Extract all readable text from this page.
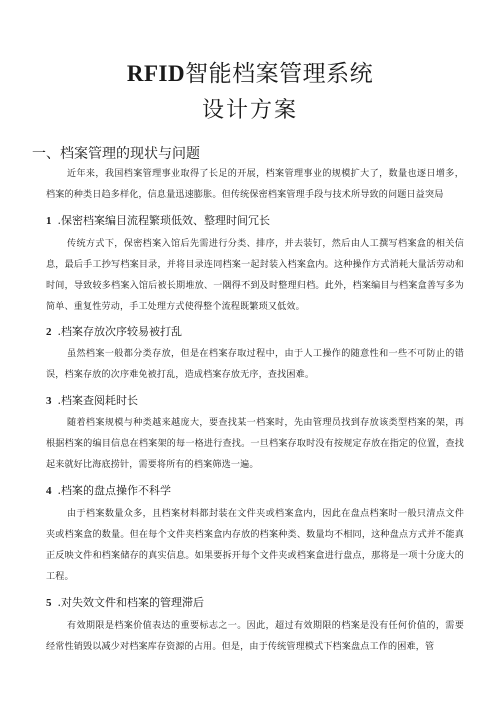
RFID智能档案管理系统
设计方案
一、档案管理的现状与问题
近年来，我国档案管理事业取得了长足的开展，档案管理事业的规模扩大了，数量也逐日增多，档案的种类日趋多样化，信息量迅速膨胀。但传统保密档案管理手段与技术所导致的问题日益突局
1 .保密档案编目流程繁琐低效、整理时间冗长
传统方式下，保密档案入馆后先需进行分类、排序，并去装钉，然后由人工撰写档案盒的相关信息，最后手工抄写档案目录，并将目录连同档案一起封装入档案盒内。这种操作方式消耗大量活劳动和时间，导致较多档案入馆后被长期堆放、一隅得不到及时整理归档。此外，档案编目与档案盒善写多为简单、重复性劳动，手工处理方式使得整个流程既繁琐又低效。
2 .档案存放次序较易被打乱
虽然档案一般都分类存放，但是在档案存取过程中，由于人工操作的随意性和一些不可防止的错误，档案存放的次序难免被打乱，造成档案存放无序，查找困难。
3 .档案查阅耗时长
随着档案规模与种类越来越庞大，要查找某一档案时，先由管理员找到存放该类型档案的架，再根据档案的编目信息在档案架的每一格进行查找。一旦档案存取时没有按规定存放在指定的位置，查找起来就好比海底捞针，需要将所有的档案筛选一遍。
4 .档案的盘点操作不科学
由于档案数量众多，且档案材料都封装在文件夹或档案盒内，因此在盘点档案时一般只清点文件夹或档案盒的数量。但在每个文件夹档案盒内存放的档案种类、数量均不相同，这种盘点方式并不能真正反映文件和档案储存的真实信息。如果要拆开每个文件夹或档案盒进行盘点，那将是一项十分庞大的工程。
5 .对失效文件和档案的管理滞后
有效期限是档案价值表达的重要标志之一。因此，超过有效期限的档案是没有任何价值的，需要经常性销毁以减少对档案库存资源的占用。但是，由于传统管理模式下档案盘点工作的困难，管
